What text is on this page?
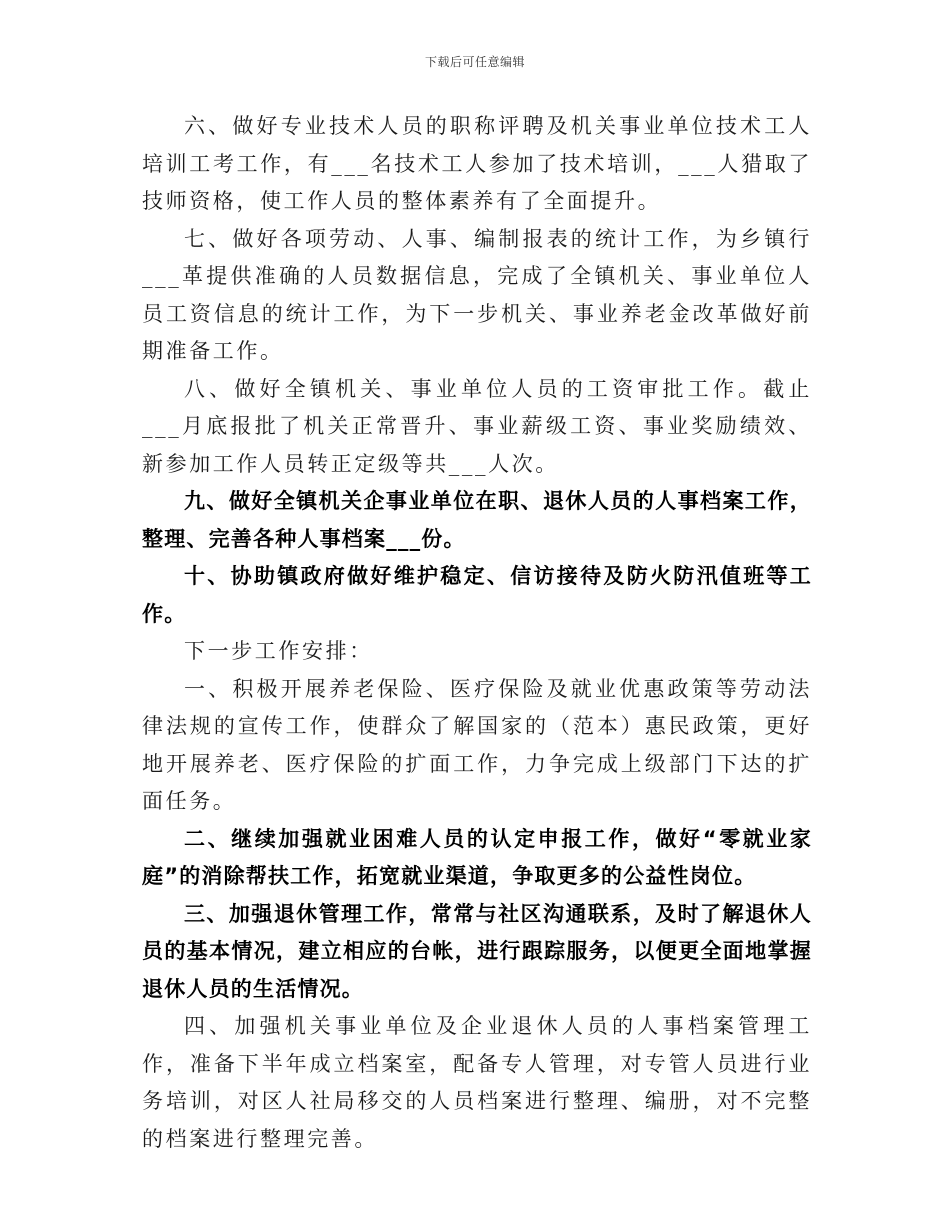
下载后可任意编辑

六、做好专业技术人员的职称评聘及机关事业单位技术工人培训工考工作，有___名技术工人参加了技术培训，___人猎取了技师资格，使工作人员的整体素养有了全面提升。

七、做好各项劳动、人事、编制报表的统计工作，为乡镇行___革提供准确的人员数据信息，完成了全镇机关、事业单位人员工资信息的统计工作，为下一步机关、事业养老金改革做好前期准备工作。

八、做好全镇机关、事业单位人员的工资审批工作。截止___月底报批了机关正常晋升、事业薪级工资、事业奖励绩效、新参加工作人员转正定级等共___人次。

九、做好全镇机关企事业单位在职、退休人员的人事档案工作，整理、完善各种人事档案___份。

十、协助镇政府做好维护稳定、信访接待及防火防汛值班等工作。

下一步工作安排：

一、积极开展养老保险、医疗保险及就业优惠政策等劳动法律法规的宣传工作，使群众了解国家的（范本）惠民政策，更好地开展养老、医疗保险的扩面工作，力争完成上级部门下达的扩面任务。

二、继续加强就业困难人员的认定申报工作，做好“零就业家庭”的消除帮扶工作，拓宽就业渠道，争取更多的公益性岗位。

三、加强退休管理工作，常常与社区沟通联系，及时了解退休人员的基本情况，建立相应的台帐，进行跟踪服务，以便更全面地掌握退休人员的生活情况。

四、加强机关事业单位及企业退休人员的人事档案管理工作，准备下半年成立档案室，配备专人管理，对专管人员进行业务培训，对区人社局移交的人员档案进行整理、编册，对不完整的档案进行整理完善。
